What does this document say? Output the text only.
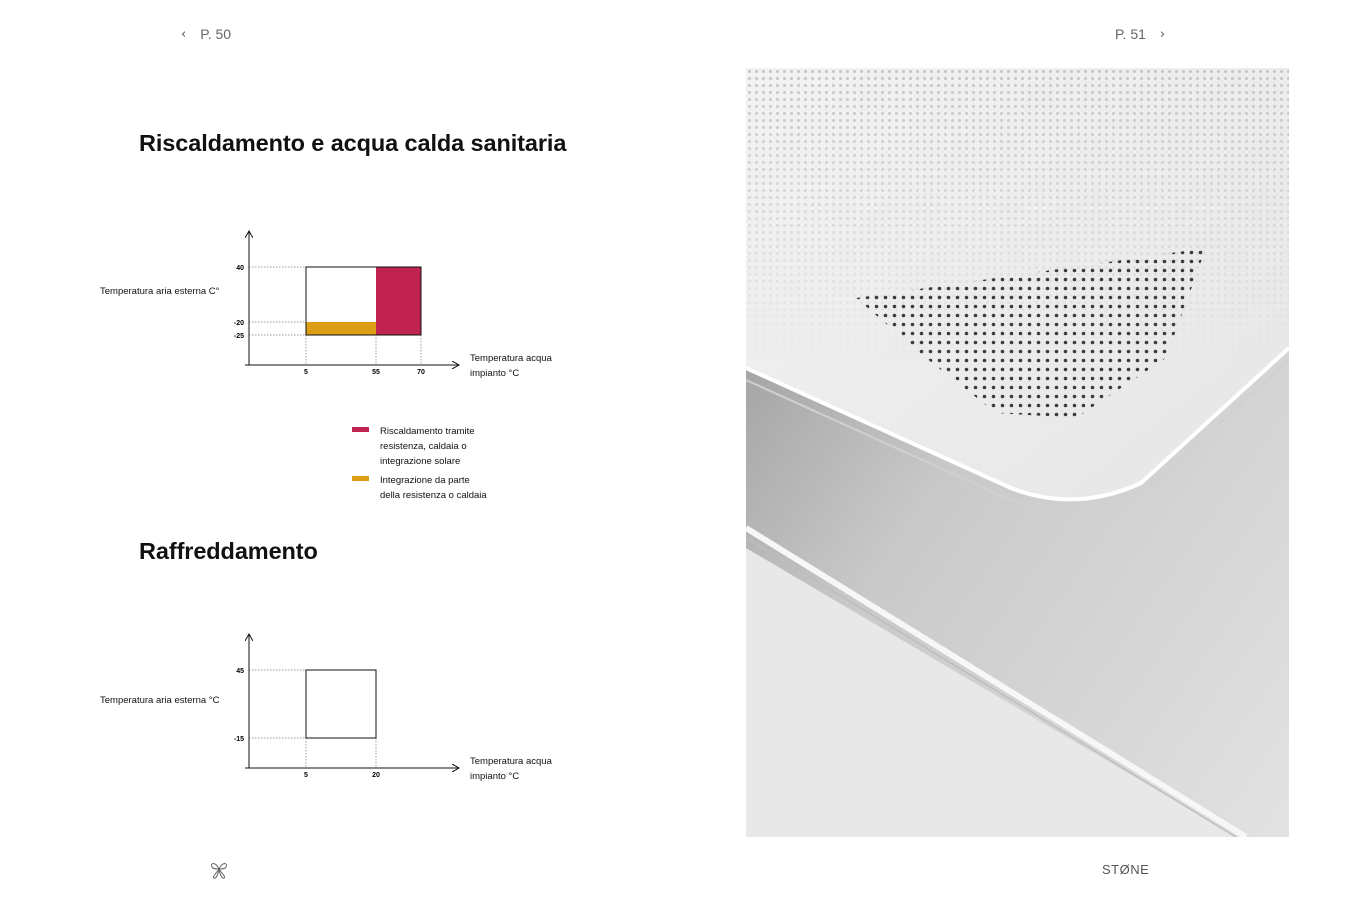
‹ P. 50	P. 51 ›
Riscaldamento e acqua calda sanitaria
Temperatura aria esterna C°
40
-20
-25
5	55	70
Temperatura acqua
impianto °C
Riscaldamento tramite
resistenza, caldaia o
integrazione solare
Integrazione da parte
della resistenza o caldaia
Raffreddamento
Temperatura aria esterna °C
45
-15
5	20
Temperatura acqua
impianto °C
STØNE
